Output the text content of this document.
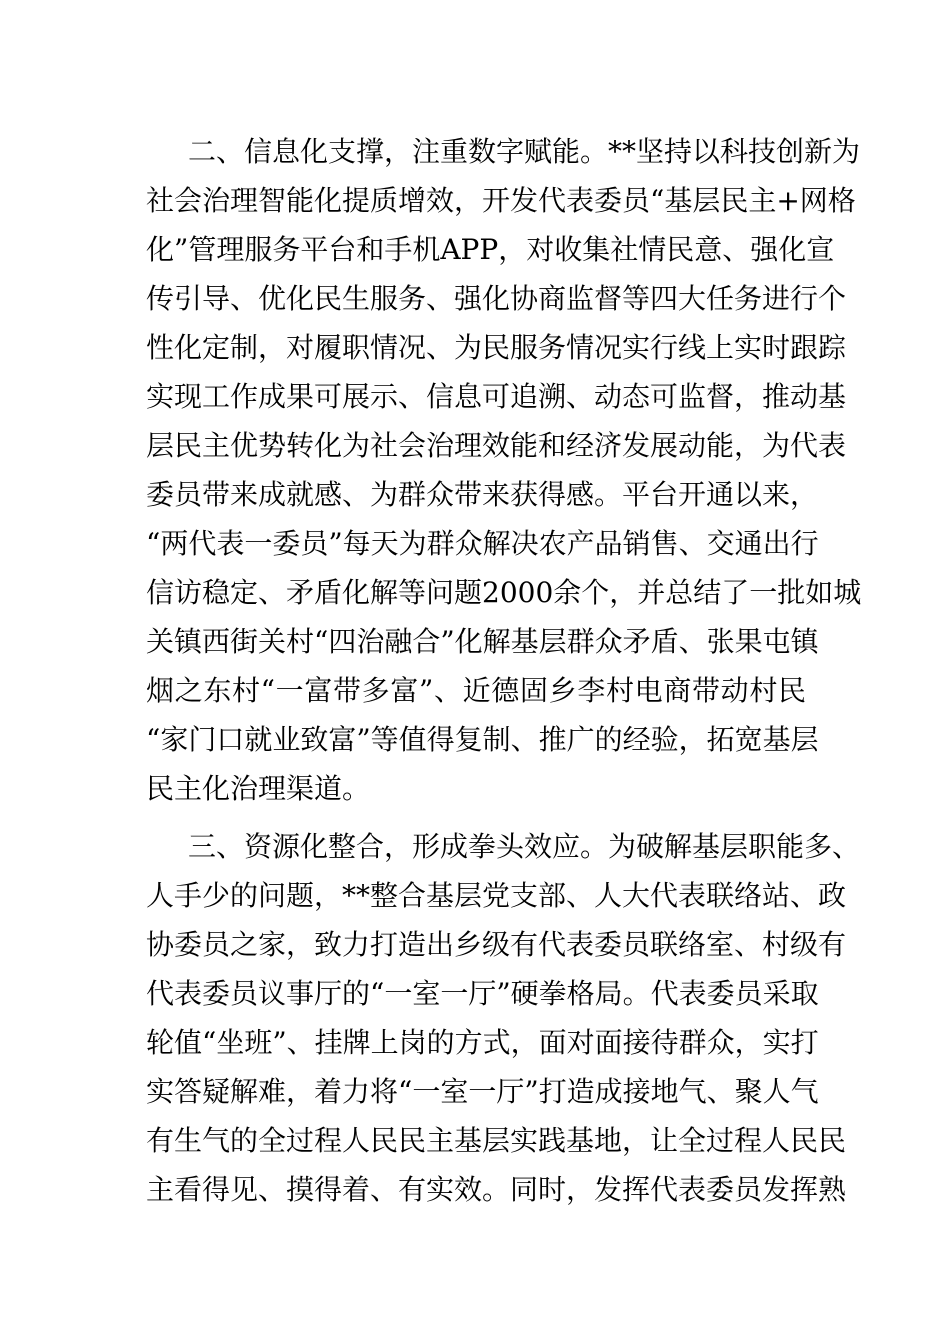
二、信息化支撑，注重数字赋能。**坚持以科技创新为
社会治理智能化提质增效，开发代表委员“基层民主+网格
化”管理服务平台和手机APP，对收集社情民意、强化宣
传引导、优化民生服务、强化协商监督等四大任务进行个
性化定制，对履职情况、为民服务情况实行线上实时跟踪
实现工作成果可展示、信息可追溯、动态可监督，推动基
层民主优势转化为社会治理效能和经济发展动能，为代表
委员带来成就感、为群众带来获得感。平台开通以来，
“两代表一委员”每天为群众解决农产品销售、交通出行
信访稳定、矛盾化解等问题2000余个，并总结了一批如城
关镇西街关村“四治融合”化解基层群众矛盾、张果屯镇
烟之东村“一富带多富”、近德固乡李村电商带动村民
“家门口就业致富”等值得复制、推广的经验，拓宽基层
民主化治理渠道。
三、资源化整合，形成拳头效应。为破解基层职能多、
人手少的问题，**整合基层党支部、人大代表联络站、政
协委员之家，致力打造出乡级有代表委员联络室、村级有
代表委员议事厅的“一室一厅”硬拳格局。代表委员采取
轮值“坐班”、挂牌上岗的方式，面对面接待群众，实打
实答疑解难，着力将“一室一厅”打造成接地气、聚人气
有生气的全过程人民民主基层实践基地，让全过程人民民
主看得见、摸得着、有实效。同时，发挥代表委员发挥熟
